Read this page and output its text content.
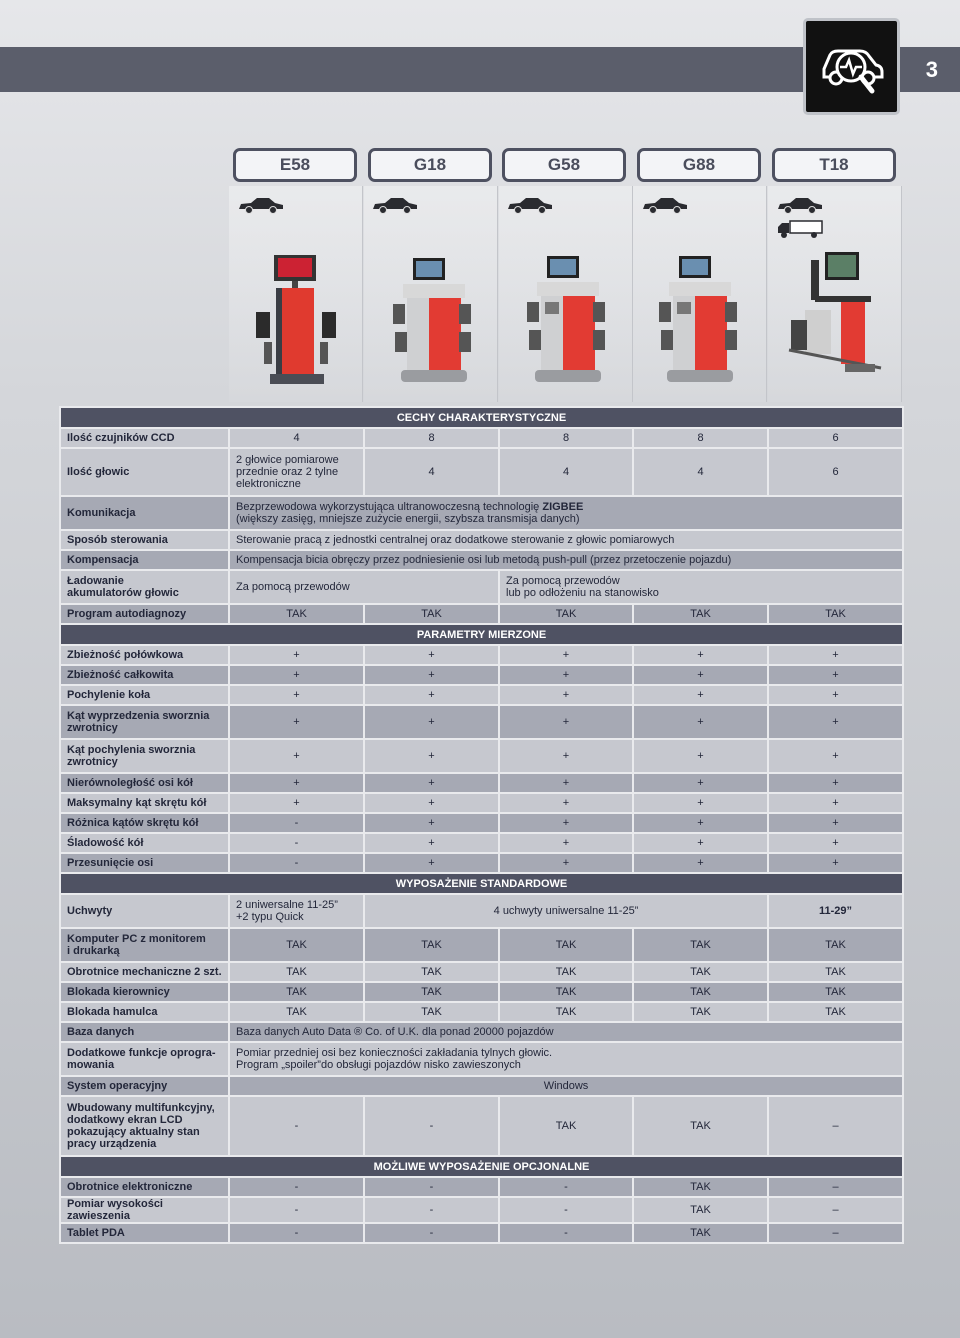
3
E58	G18	G58	G88	T18
CECHY CHARAKTERYSTYCZNE					
Ilość czujników CCD	4	8	8	8	6
Ilość głowic	2 głowice pomiarowe
przednie oraz 2 tylne
elektroniczne	4	4	4	6
Komunikacja	Bezprzewodowa wykorzystująca ultranowoczesną technologię ZIGBEE
(większy zasięg, mniejsze zużycie energii, szybsza transmisja danych)				
Sposób sterowania	Sterowanie pracą z jednostki centralnej oraz dodatkowe sterowanie z głowic pomiarowych				
Kompensacja	Kompensacja bicia obręczy przez podniesienie osi lub metodą push-pull (przez przetoczenie pojazdu)				
Ładowanie
akumulatorów głowic	Za pomocą przewodów		Za pomocą przewodów
lub po odłożeniu na stanowisko		
Program autodiagnozy	TAK	TAK	TAK	TAK	TAK
PARAMETRY MIERZONE					
Zbieżność połówkowa	+	+	+	+	+
Zbieżność całkowita	+	+	+	+	+
Pochylenie koła	+	+	+	+	+
Kąt wyprzedzenia sworznia
zwrotnicy	+	+	+	+	+
Kąt pochylenia sworznia
zwrotnicy	+	+	+	+	+
Nierównoległość osi kół	+	+	+	+	+
Maksymalny kąt skrętu kół	+	+	+	+	+
Różnica kątów skrętu kół	-	+	+	+	+
Śladowość kół	-	+	+	+	+
Przesunięcie osi	-	+	+	+	+
WYPOSAŻENIE STANDARDOWE					
Uchwyty	2 uniwersalne 11-25”
+2 typu Quick	4 uchwyty uniwersalne 11-25”			11-29”
Komputer PC z monitorem
i drukarką	TAK	TAK	TAK	TAK	TAK
Obrotnice mechaniczne 2 szt.	TAK	TAK	TAK	TAK	TAK
Blokada kierownicy	TAK	TAK	TAK	TAK	TAK
Blokada hamulca	TAK	TAK	TAK	TAK	TAK
Baza danych	Baza danych Auto Data ® Co. of U.K. dla ponad 20000 pojazdów				
Dodatkowe funkcje oprogra-
mowania	Pomiar przedniej osi bez konieczności zakładania tylnych głowic.
Program „spoiler”do obsługi pojazdów nisko zawieszonych				
System operacyjny	Windows				
Wbudowany multifunkcyjny,
dodatkowy ekran LCD
pokazujący aktualny stan
pracy urządzenia	-	-	TAK	TAK	–
MOŻLIWE WYPOSAŻENIE OPCJONALNE					
Obrotnice elektroniczne	-	-	-	TAK	–
Pomiar wysokości zawieszenia	-	-	-	TAK	–
Tablet PDA	-	-	-	TAK	–
